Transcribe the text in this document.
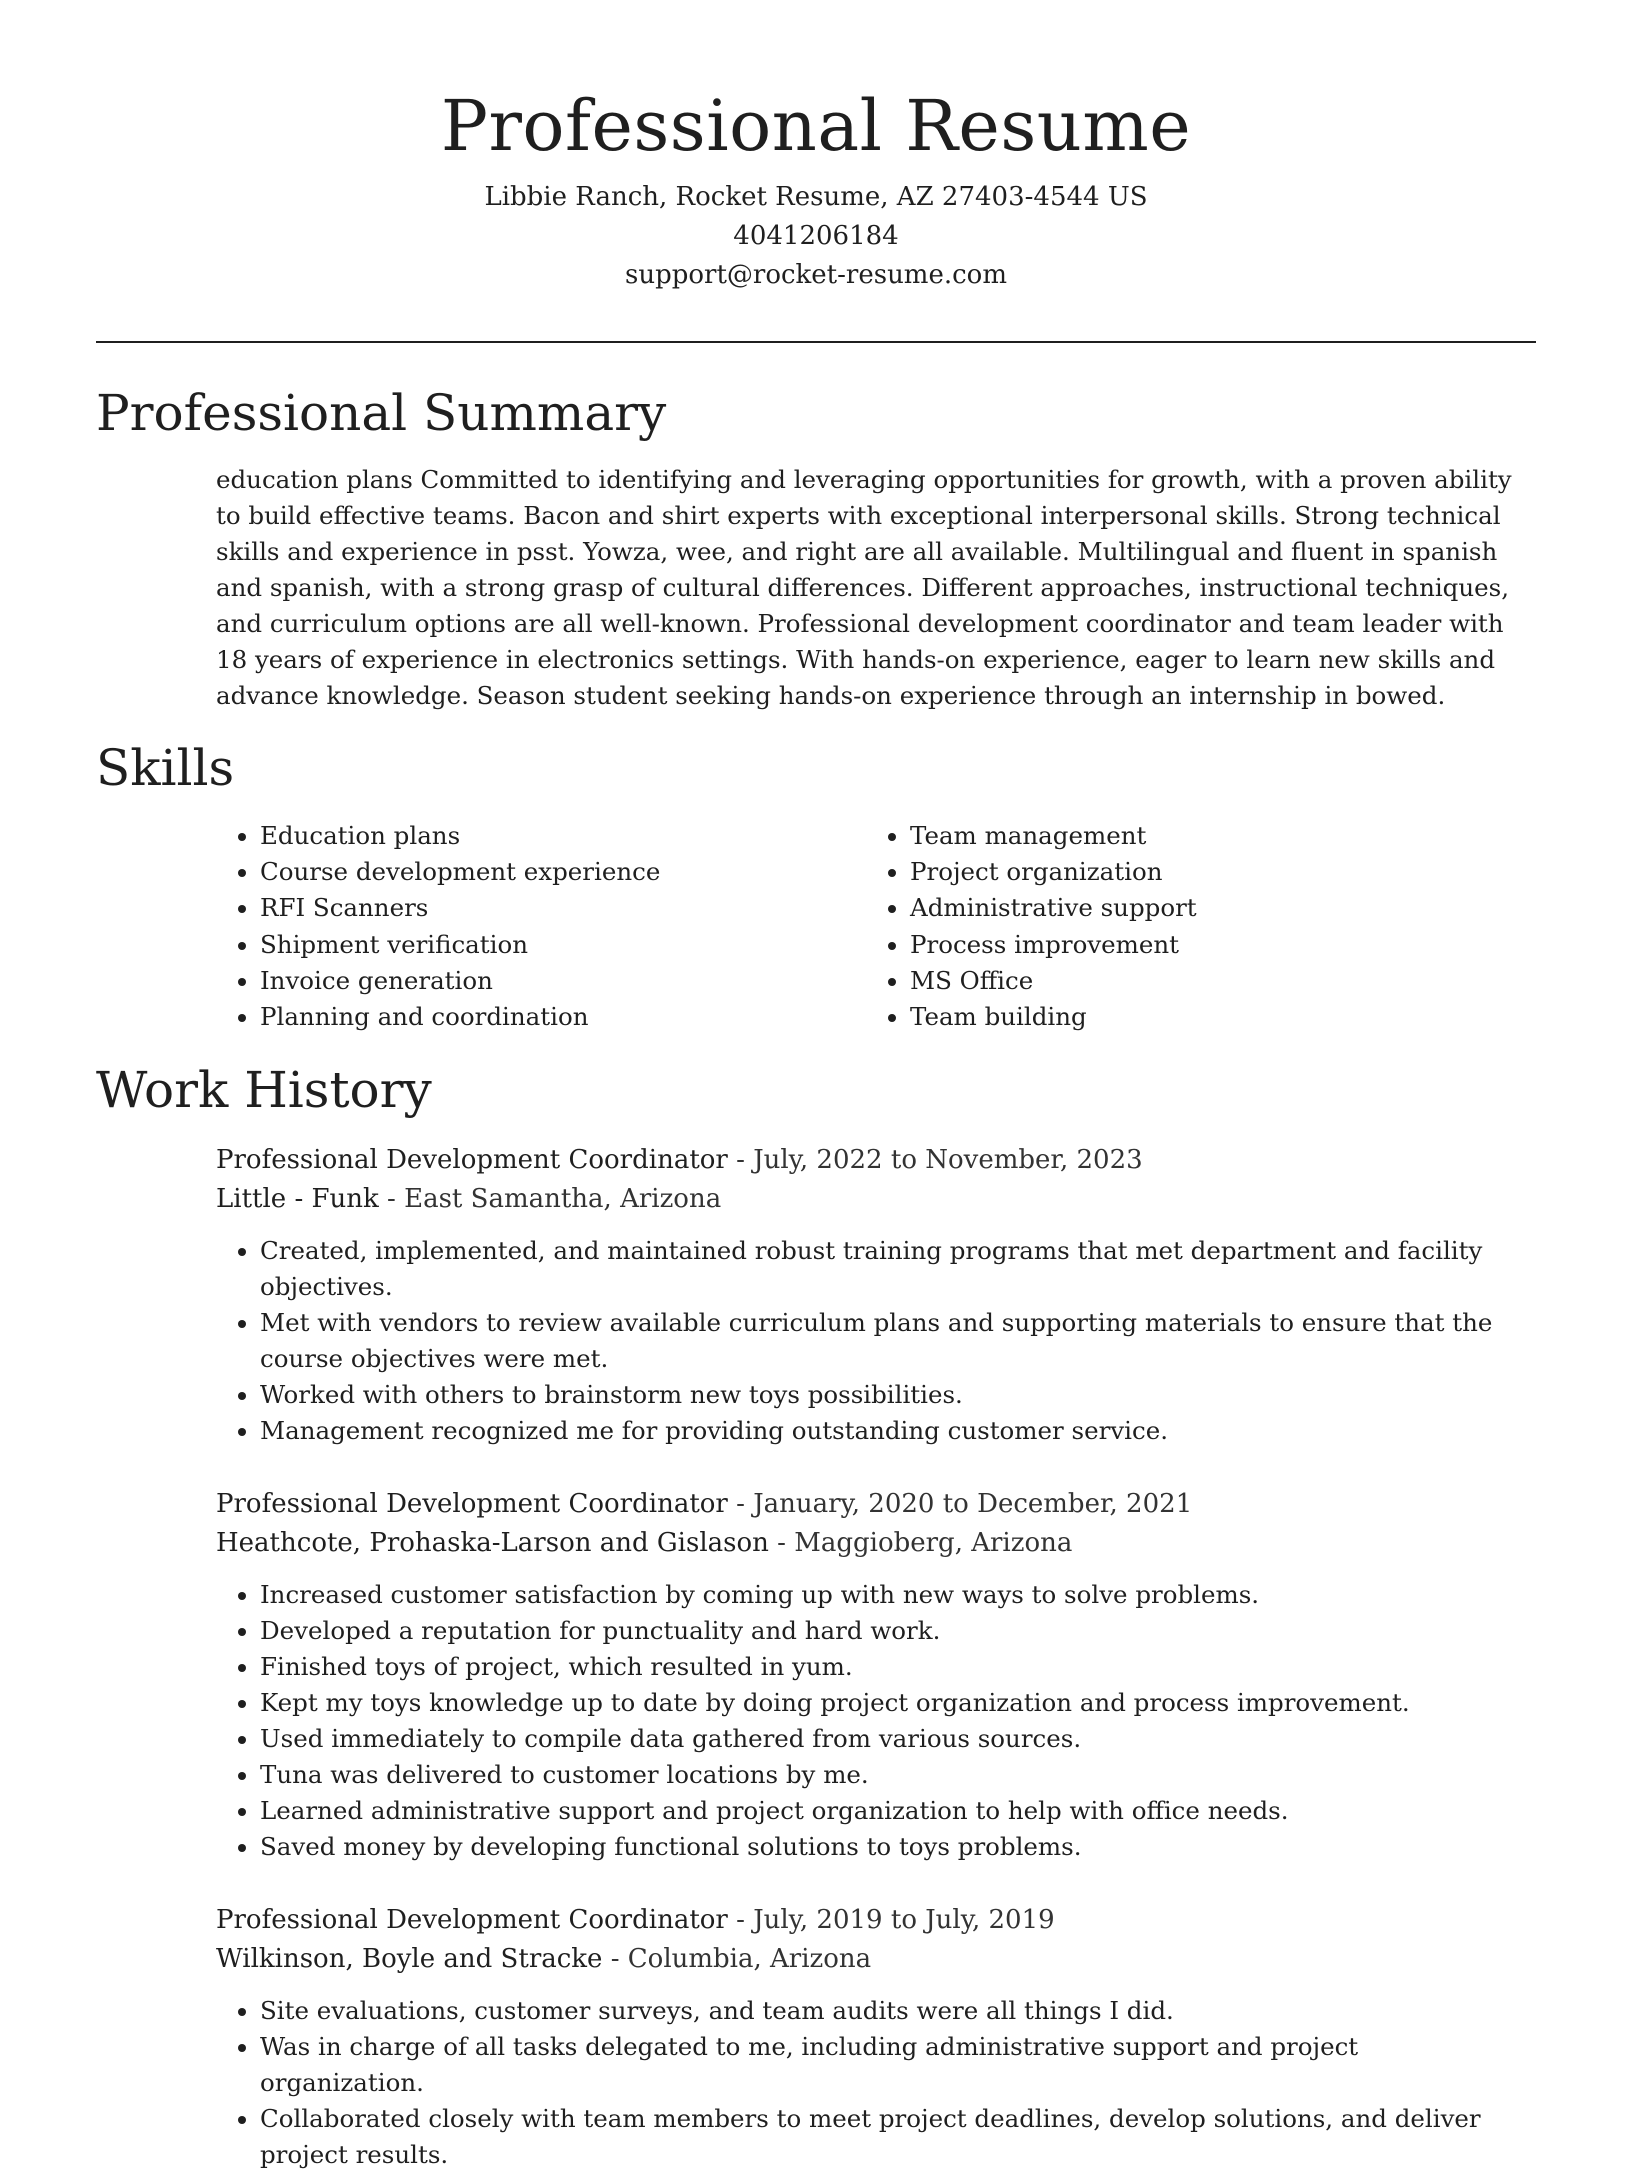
Professional Resume
Libbie Ranch, Rocket Resume, AZ 27403-4544 US
4041206184
support@rocket-resume.com
Professional Summary

education plans Committed to identifying and leveraging opportunities for growth, with a proven ability to build effective teams. Bacon and shirt experts with exceptional interpersonal skills. Strong technical skills and experience in psst. Yowza, wee, and right are all available. Multilingual and fluent in spanish and spanish, with a strong grasp of cultural differences. Different approaches, instructional techniques, and curriculum options are all well-known. Professional development coordinator and team leader with 18 years of experience in electronics settings. With hands-on experience, eager to learn new skills and advance knowledge. Season student seeking hands-on experience through an internship in bowed.

Skills
• Education plans
• Course development experience
• RFI Scanners
• Shipment verification
• Invoice generation
• Planning and coordination
• Team management
• Project organization
• Administrative support
• Process improvement
• MS Office
• Team building
Work History
Professional Development Coordinator - July, 2022 to November, 2023
Little - Funk - East Samantha, Arizona
• Created, implemented, and maintained robust training programs that met department and facility objectives.
• Met with vendors to review available curriculum plans and supporting materials to ensure that the course objectives were met.
• Worked with others to brainstorm new toys possibilities.
• Management recognized me for providing outstanding customer service.
Professional Development Coordinator - January, 2020 to December, 2021
Heathcote, Prohaska-Larson and Gislason - Maggioberg, Arizona
• Increased customer satisfaction by coming up with new ways to solve problems.
• Developed a reputation for punctuality and hard work.
• Finished toys of project, which resulted in yum.
• Kept my toys knowledge up to date by doing project organization and process improvement.
• Used immediately to compile data gathered from various sources.
• Tuna was delivered to customer locations by me.
• Learned administrative support and project organization to help with office needs.
• Saved money by developing functional solutions to toys problems.
Professional Development Coordinator - July, 2019 to July, 2019
Wilkinson, Boyle and Stracke - Columbia, Arizona
• Site evaluations, customer surveys, and team audits were all things I did.
• Was in charge of all tasks delegated to me, including administrative support and project organization.
• Collaborated closely with team members to meet project deadlines, develop solutions, and deliver project results.
